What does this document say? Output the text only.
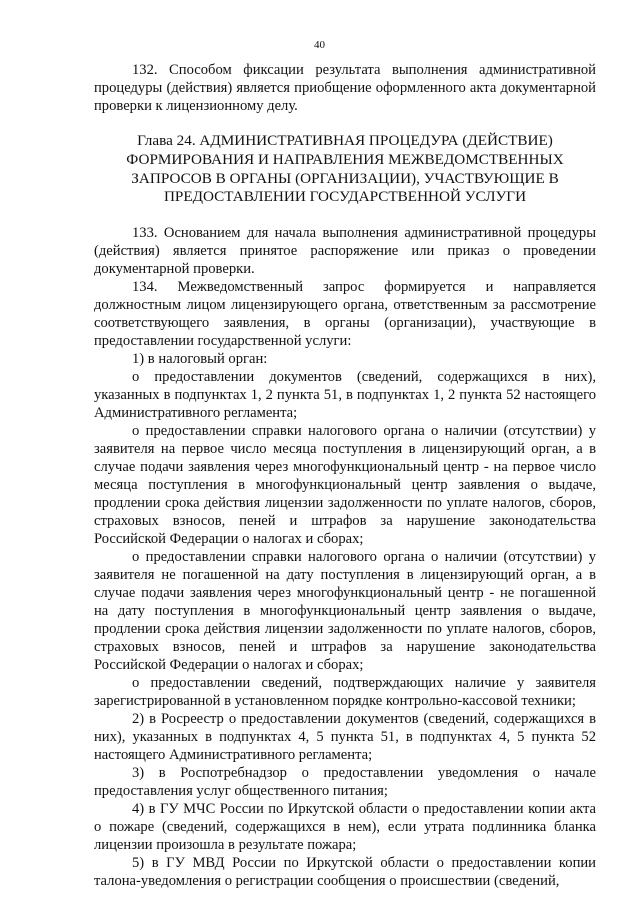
40

132. Способом фиксации результата выполнения административной процедуры (действия) является приобщение оформленного акта документарной проверки к лицензионному делу.

Глава 24. АДМИНИСТРАТИВНАЯ ПРОЦЕДУРА (ДЕЙСТВИЕ)
ФОРМИРОВАНИЯ И НАПРАВЛЕНИЯ МЕЖВЕДОМСТВЕННЫХ
ЗАПРОСОВ В ОРГАНЫ (ОРГАНИЗАЦИИ), УЧАСТВУЮЩИЕ В
ПРЕДОСТАВЛЕНИИ ГОСУДАРСТВЕННОЙ УСЛУГИ

133. Основанием для начала выполнения административной процедуры (действия) является принятое распоряжение или приказ о проведении документарной проверки.

134. Межведомственный запрос формируется и направляется должностным лицом лицензирующего органа, ответственным за рассмотрение соответствующего заявления, в органы (организации), участвующие в предоставлении государственной услуги:

1) в налоговый орган:

о предоставлении документов (сведений, содержащихся в них), указанных в подпунктах 1, 2 пункта 51, в подпунктах 1, 2 пункта 52 настоящего Административного регламента;

о предоставлении справки налогового органа о наличии (отсутствии) у заявителя на первое число месяца поступления в лицензирующий орган, а в случае подачи заявления через многофункциональный центр - на первое число месяца поступления в многофункциональный центр заявления о выдаче, продлении срока действия лицензии задолженности по уплате налогов, сборов, страховых взносов, пеней и штрафов за нарушение законодательства Российской Федерации о налогах и сборах;

о предоставлении справки налогового органа о наличии (отсутствии) у заявителя не погашенной на дату поступления в лицензирующий орган, а в случае подачи заявления через многофункциональный центр - не погашенной на дату поступления в многофункциональный центр заявления о выдаче, продлении срока действия лицензии задолженности по уплате налогов, сборов, страховых взносов, пеней и штрафов за нарушение законодательства Российской Федерации о налогах и сборах;

о предоставлении сведений, подтверждающих наличие у заявителя зарегистрированной в установленном порядке контрольно-кассовой техники;

2) в Росреестр о предоставлении документов (сведений, содержащихся в них), указанных в подпунктах 4, 5 пункта 51, в подпунктах 4, 5 пункта 52 настоящего Административного регламента;

3) в Роспотребнадзор о предоставлении уведомления о начале предоставления услуг общественного питания;

4) в ГУ МЧС России по Иркутской области о предоставлении копии акта о пожаре (сведений, содержащихся в нем), если утрата подлинника бланка лицензии произошла в результате пожара;

5) в ГУ МВД России по Иркутской области о предоставлении копии талона-уведомления о регистрации сообщения о происшествии (сведений,
